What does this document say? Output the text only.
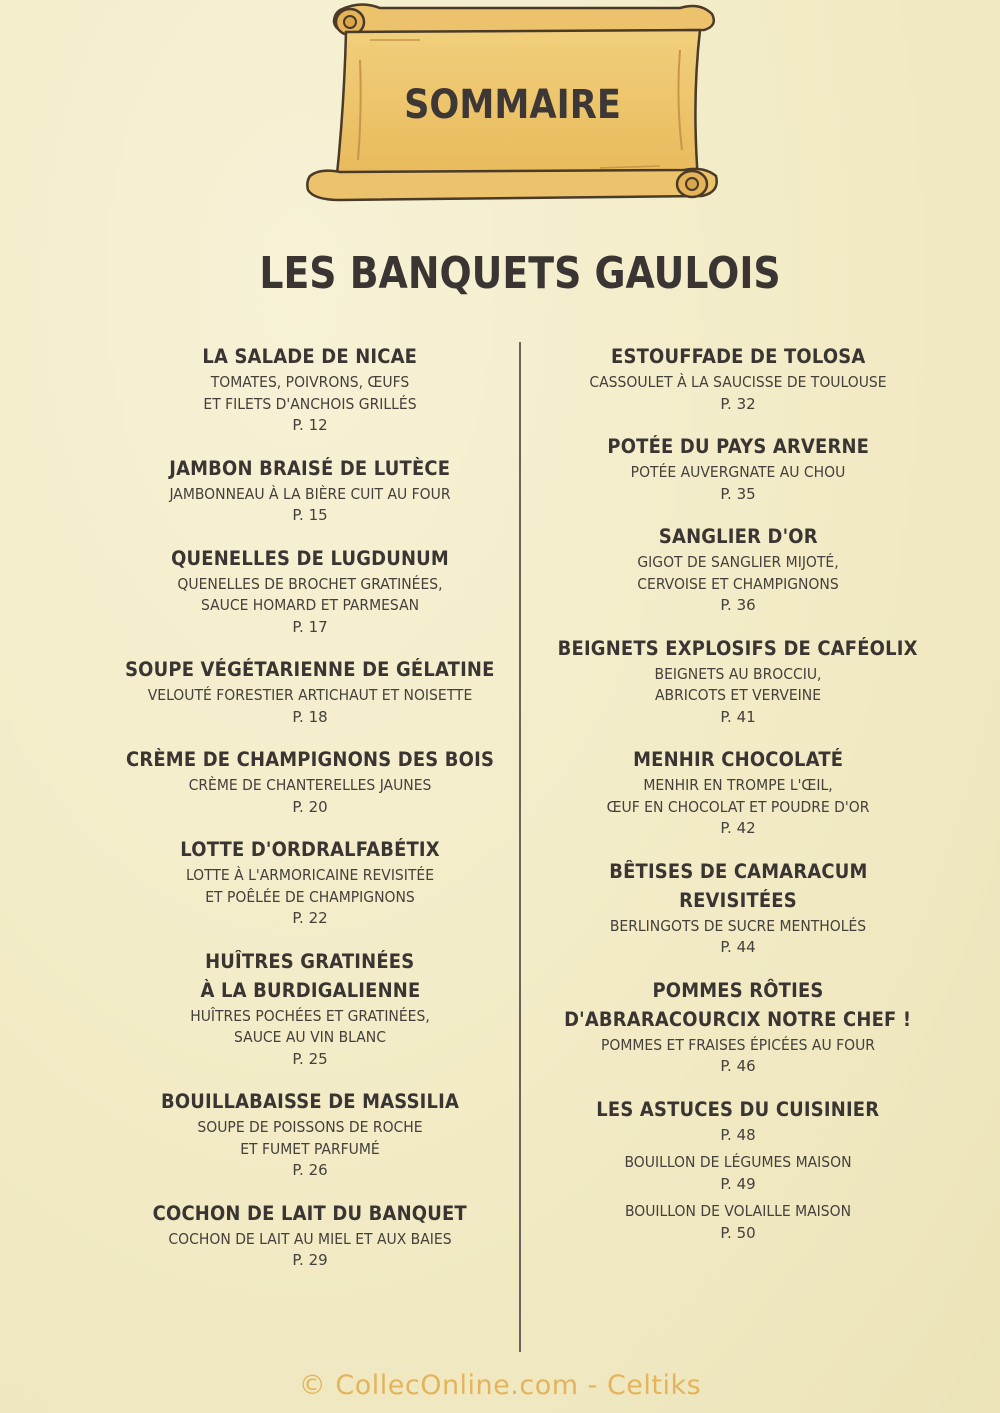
SOMMAIRE
LES BANQUETS GAULOIS
LA SALADE DE NICAE
TOMATES, POIVRONS, ŒUFS
ET FILETS D'ANCHOIS GRILLÉS
P. 12
JAMBON BRAISÉ DE LUTÈCE
JAMBONNEAU À LA BIÈRE CUIT AU FOUR
P. 15
QUENELLES DE LUGDUNUM
QUENELLES DE BROCHET GRATINÉES,
SAUCE HOMARD ET PARMESAN
P. 17
SOUPE VÉGÉTARIENNE DE GÉLATINE
VELOUTÉ FORESTIER ARTICHAUT ET NOISETTE
P. 18
CRÈME DE CHAMPIGNONS DES BOIS
CRÈME DE CHANTERELLES JAUNES
P. 20
LOTTE D'ORDRALFABÉTIX
LOTTE À L'ARMORICAINE REVISITÉE
ET POÊLÉE DE CHAMPIGNONS
P. 22
HUÎTRES GRATINÉES
À LA BURDIGALIENNE
HUÎTRES POCHÉES ET GRATINÉES,
SAUCE AU VIN BLANC
P. 25
BOUILLABAISSE DE MASSILIA
SOUPE DE POISSONS DE ROCHE
ET FUMET PARFUMÉ
P. 26
COCHON DE LAIT DU BANQUET
COCHON DE LAIT AU MIEL ET AUX BAIES
P. 29
ESTOUFFADE DE TOLOSA
CASSOULET À LA SAUCISSE DE TOULOUSE
P. 32
POTÉE DU PAYS ARVERNE
POTÉE AUVERGNATE AU CHOU
P. 35
SANGLIER D'OR
GIGOT DE SANGLIER MIJOTÉ,
CERVOISE ET CHAMPIGNONS
P. 36
BEIGNETS EXPLOSIFS DE CAFÉOLIX
BEIGNETS AU BROCCIU,
ABRICOTS ET VERVEINE
P. 41
MENHIR CHOCOLATÉ
MENHIR EN TROMPE L'ŒIL,
ŒUF EN CHOCOLAT ET POUDRE D'OR
P. 42
BÊTISES DE CAMARACUM
REVISITÉES
BERLINGOTS DE SUCRE MENTHOLÉS
P. 44
POMMES RÔTIES
D'ABRARACOURCIX NOTRE CHEF !
POMMES ET FRAISES ÉPICÉES AU FOUR
P. 46
LES ASTUCES DU CUISINIER
P. 48
BOUILLON DE LÉGUMES MAISON
P. 49
BOUILLON DE VOLAILLE MAISON
P. 50
© CollecOnline.com - Celtiks
